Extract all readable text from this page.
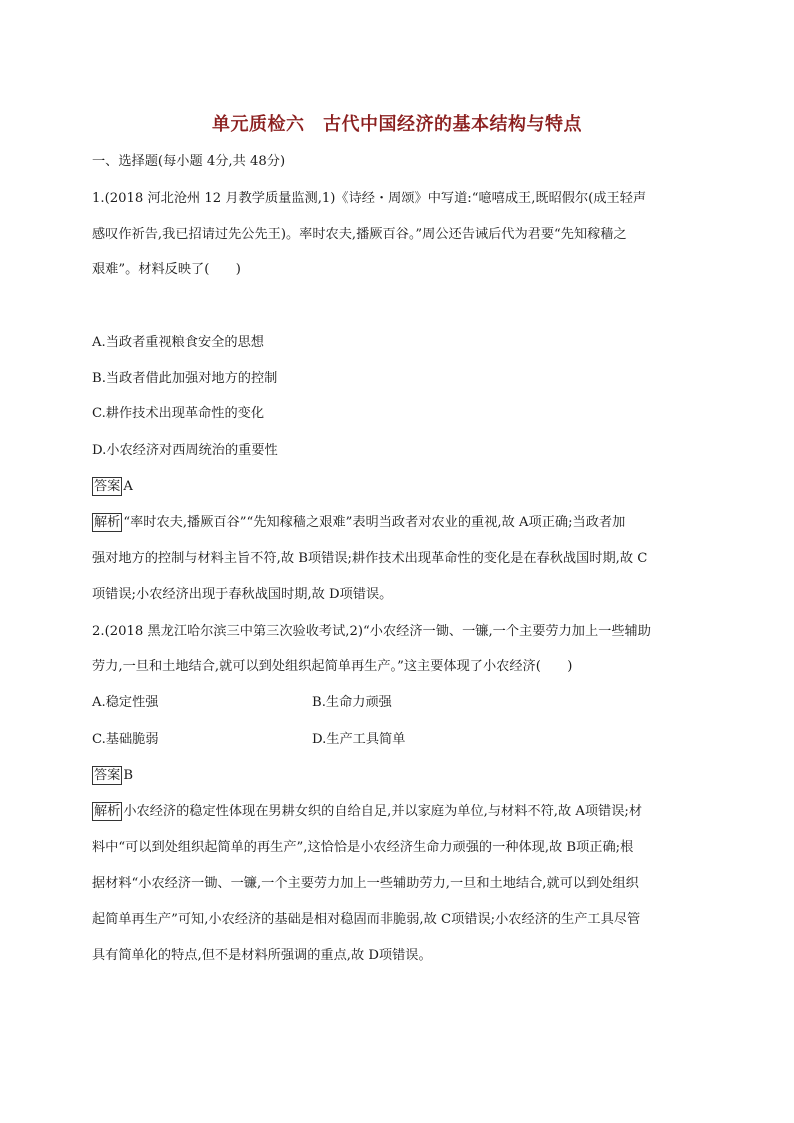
单元质检六　古代中国经济的基本结构与特点
一、选择题(每小题 4分,共 48分)
1.(2018 河北沧州 12 月教学质量监测,1)《诗经・周颂》中写道:“噫嘻成王,既昭假尔(成王轻声
感叹作祈告,我已招请过先公先王)。率时农夫,播厥百谷。”周公还告诫后代为君要“先知稼穑之
艰难”。材料反映了(　　)
A.当政者重视粮食安全的思想
B.当政者借此加强对地方的控制
C.耕作技术出现革命性的变化
D.小农经济对西周统治的重要性
答案 A
解析 “率时农夫,播厥百谷”“先知稼穑之艰难”表明当政者对农业的重视,故 A项正确;当政者加
强对地方的控制与材料主旨不符,故 B项错误;耕作技术出现革命性的变化是在春秋战国时期,故 C
项错误;小农经济出现于春秋战国时期,故 D项错误。
2.(2018 黑龙江哈尔滨三中第三次验收考试,2)“小农经济一锄、一镰,一个主要劳力加上一些辅助
劳力,一旦和土地结合,就可以到处组织起简单再生产。”这主要体现了小农经济(　　)
A.稳定性强	B.生命力顽强
C.基础脆弱	D.生产工具简单
答案 B
解析 小农经济的稳定性体现在男耕女织的自给自足,并以家庭为单位,与材料不符,故 A项错误;材
料中“可以到处组织起简单的再生产”,这恰恰是小农经济生命力顽强的一种体现,故 B项正确;根
据材料“小农经济一锄、一镰,一个主要劳力加上一些辅助劳力,一旦和土地结合,就可以到处组织
起简单再生产”可知,小农经济的基础是相对稳固而非脆弱,故 C项错误;小农经济的生产工具尽管
具有简单化的特点,但不是材料所强调的重点,故 D项错误。
